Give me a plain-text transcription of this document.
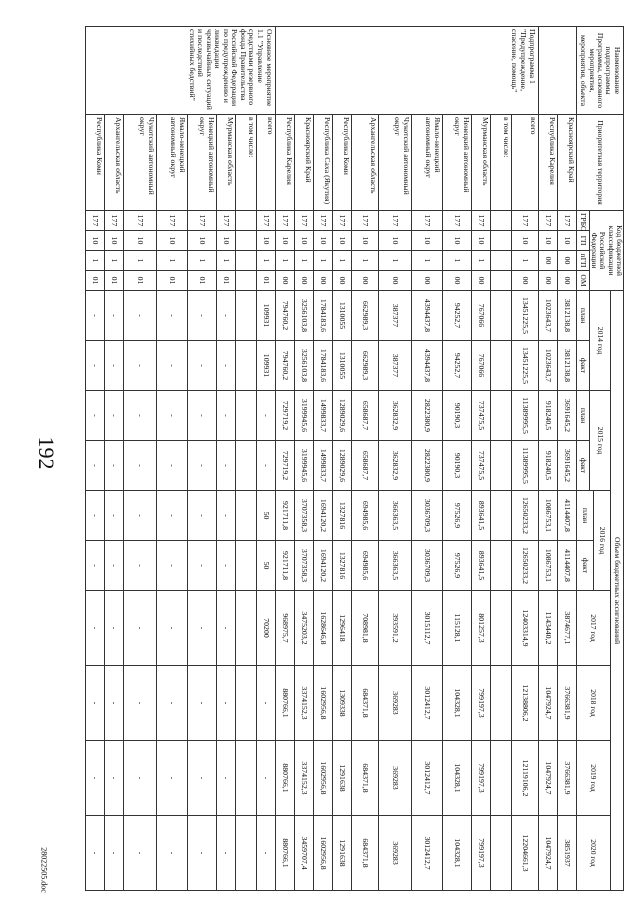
192
Наименование подпрограммы Программы, основного мероприятия, мероприятия, объекта	Приоритетная территория	Код бюджетной классификации Российской Федерации				Объем бюджетных ассигнований									
						2014 год		2015 год		2016 год		2017 год	2018 год	2019 год	2020 год
										план	факт				
		ГРБС	ГП	пГП	ОМ	план	факт	план	факт						
	Красноярский Край	177	10	00	00	3812138,8	3812138,8	3691645,2	3691645,2	4114407,8	4114407,8	3874677,1	3766381,9	3766381,9	3851937
	Республика Карелия	177	10	00	00	1023643,7	1023643,7	918240,5	918240,5	1086753,1	1086753,1	1143440,2	1047924,7	1047924,7	1047924,7
Подпрограмма 1 "Предупреждение, спасение, помощь"	всего	177	10	1	00	13451225,5	13451225,5	11389995,5	11389995,5	12650233,2	12650233,2	12403314,9	12138806,2	12119106,2	12204661,3
	в том числе:														
	Мурманская область	177	10	1	00	767066	767066	737475,5	737475,5	893641,5	893641,5	801257,3	799197,3	799197,3	799197,3
	Ненецкий автономный округ	177	10	1	00	94252,7	94252,7	90190,3	90190,3	97526,9	97526,9	115128,1	104328,1	104328,1	104328,1
	Ямало-ненецкий автономный округ	177	10	1	00	4394437,8	4394437,8	2822380,9	2822380,9	3036709,3	3036709,3	3015112,7	3012412,7	3012412,7	3012412,7
	Чукотский автономный округ	177	10	1	00	387377	387377	362832,9	362832,9	366363,5	366363,5	393591,2	369283	369283	369283
	Архангельская область	177	10	1	00	662989,3	662989,3	658687,7	658687,7	694985,6	694985,6	708981,8	684371,8	684371,8	684371,8
	Республика Коми	177	10	1	00	1310055	1310055	1289029,6	1289029,6	1327816	1327816	1296418	1309338	1291638	1291638
	Республика Саха (Якутия)	177	10	1	00	1784183,6	1784183,6	1499833,7	1499833,7	1694120,2	1694120,2	1628646,8	1602956,8	1602956,8	1602956,8
	Красноярский Край	177	10	1	00	3256103,8	3256103,8	3199945,6	3199945,6	3707358,3	3707358,3	3475203,2	3374152,3	3374152,3	3459707,4
	Республика Карелия	177	10	1	00	794760,2	794760,2	729719,2	729719,2	921711,8	921711,8	968975,7	880766,1	880766,1	880766,1
Основное мероприятие 1.1 "Управление средствами резервного фонда Правительства Российской Федерации по предупреждению и ликвидации чрезвычайных ситуаций и последствий стихийных бедствий"	всего	177	10	1	01	109931	109931	-	-	50	50	70200	-	-	-
	в том числе:														
	Мурманская область	177	10	1	01	-	-	-	-	-	-	-	-	-	-
	Ненецкий автономный округ	177	10	1	01	-	-	-	-	-	-	-	-	-	-
	Ямало-ненецкий автономный округ	177	10	1	01	-	-	-	-	-	-	-	-	-	-
	Чукотский автономный округ	177	10	1	01	-	-	-	-	-	-	-	-	-	-
	Архангельская область	177	10	1	01	-	-	-	-	-	-	-	-	-	-
	Республика Коми	177	10	1	01	-	-	-	-	-	-	-	-	-	-
28022505.doc
